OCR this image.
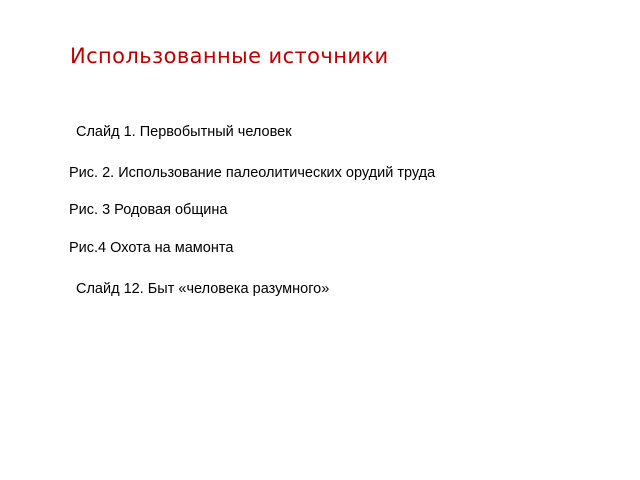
Использованные источники

Слайд 1. Первобытный человек

Рис. 2. Использование палеолитических орудий труда

Рис. 3 Родовая община

Рис.4 Охота на мамонта

Слайд 12. Быт «человека разумного»
